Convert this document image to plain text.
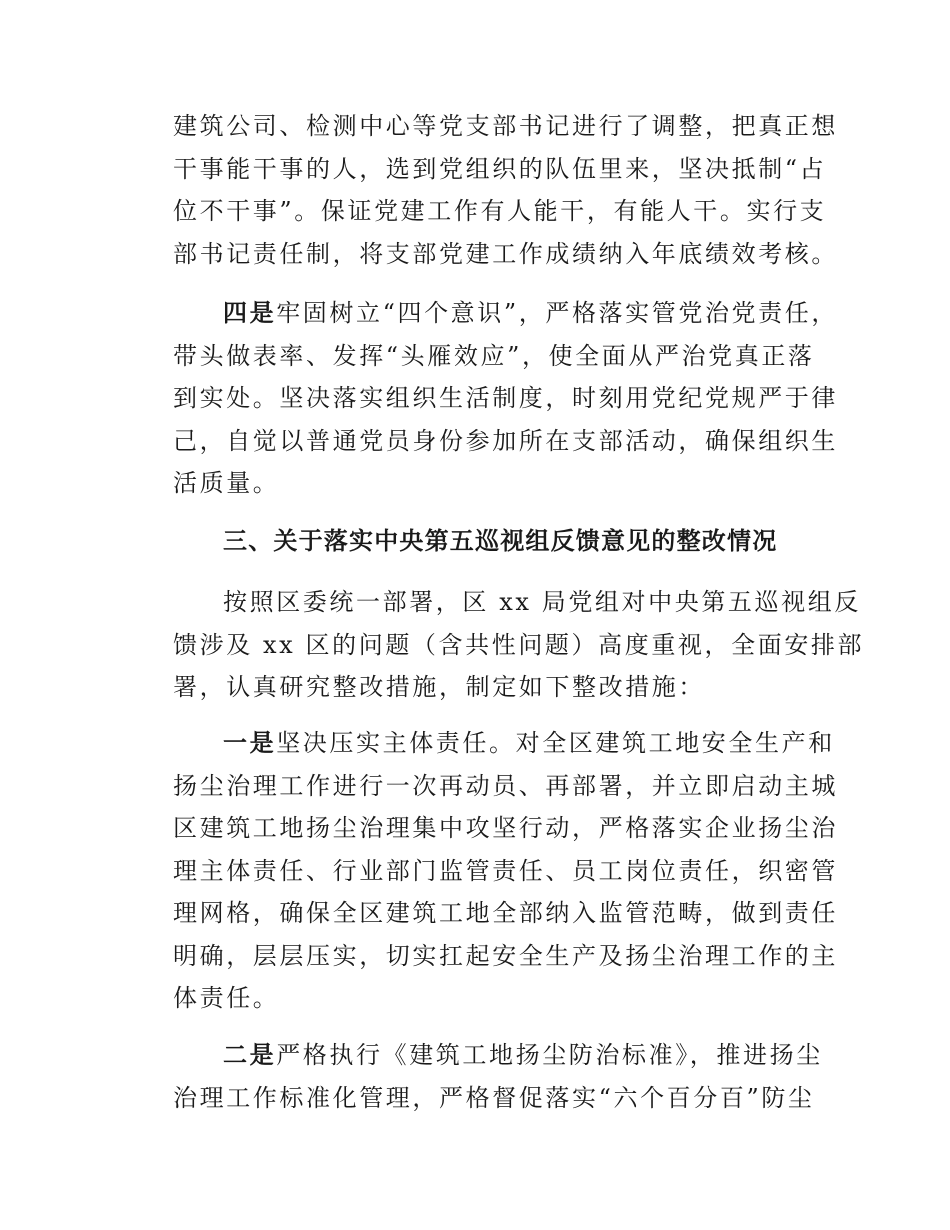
建筑公司、检测中心等党支部书记进行了调整，把真正想
干事能干事的人，选到党组织的队伍里来，坚决抵制“占
位不干事”。保证党建工作有人能干，有能人干。实行支
部书记责任制，将支部党建工作成绩纳入年底绩效考核。
四是牢固树立“四个意识”，严格落实管党治党责任，
带头做表率、发挥“头雁效应”，使全面从严治党真正落
到实处。坚决落实组织生活制度，时刻用党纪党规严于律
己，自觉以普通党员身份参加所在支部活动，确保组织生
活质量。
三、关于落实中央第五巡视组反馈意见的整改情况
按照区委统一部署，区 xx 局党组对中央第五巡视组反
馈涉及 xx 区的问题（含共性问题）高度重视，全面安排部
署，认真研究整改措施，制定如下整改措施：
一是坚决压实主体责任。对全区建筑工地安全生产和
扬尘治理工作进行一次再动员、再部署，并立即启动主城
区建筑工地扬尘治理集中攻坚行动，严格落实企业扬尘治
理主体责任、行业部门监管责任、员工岗位责任，织密管
理网格，确保全区建筑工地全部纳入监管范畴，做到责任
明确，层层压实，切实扛起安全生产及扬尘治理工作的主
体责任。
二是严格执行《建筑工地扬尘防治标准》，推进扬尘
治理工作标准化管理，严格督促落实“六个百分百”防尘
